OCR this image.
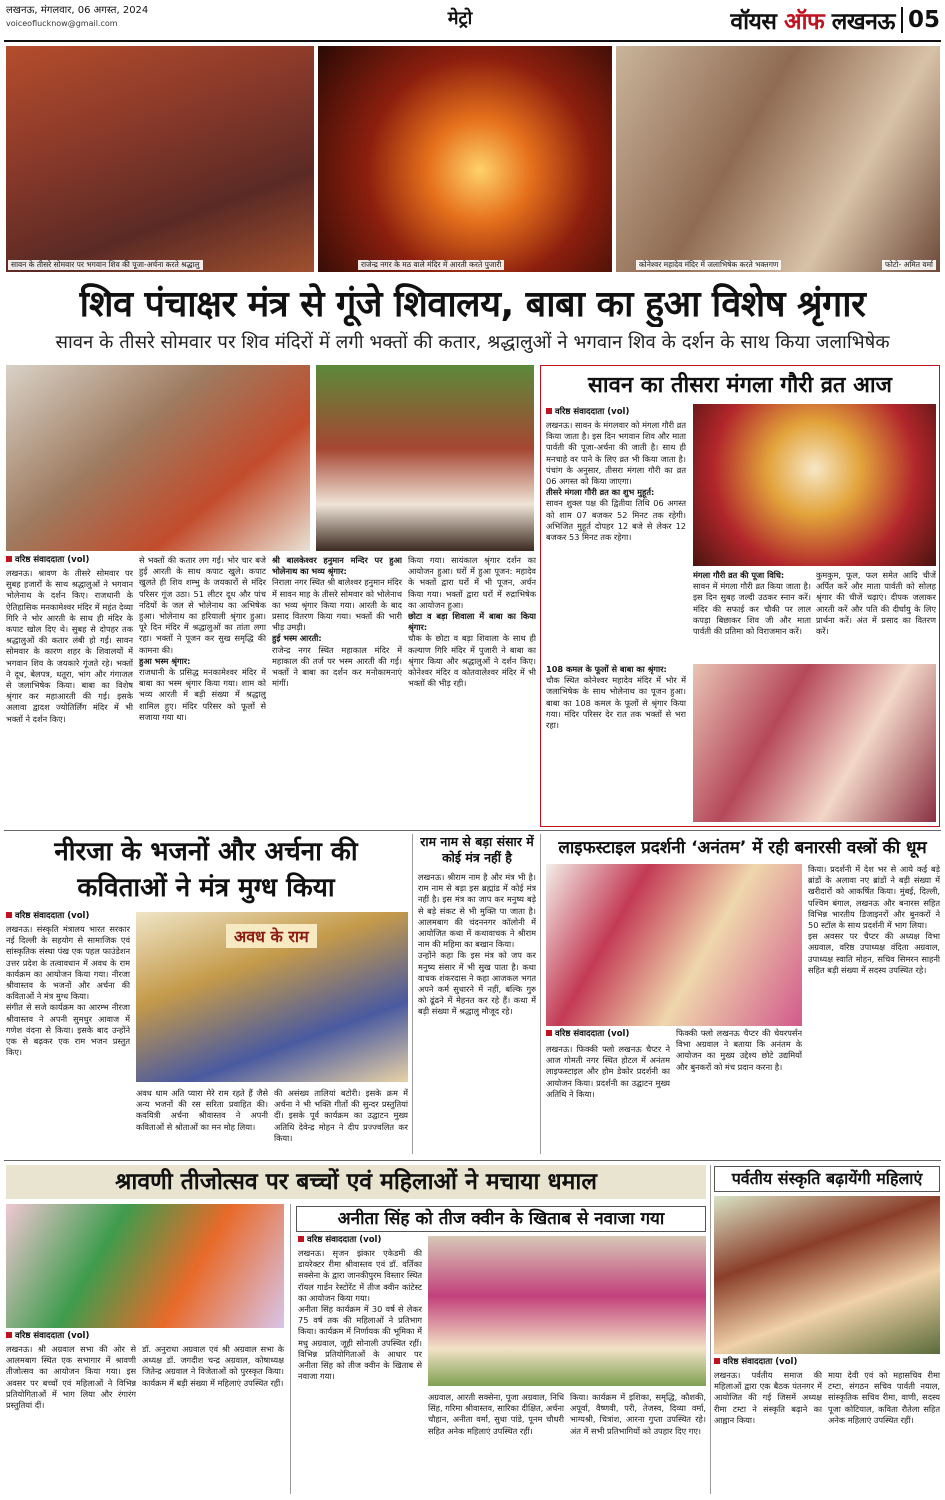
लखनऊ, मंगलवार, 06 अगस्त, 2024
voiceoflucknow@gmail.com	मेट्रो	वॉयस ऑफ लखनऊ 05
सावन के तीसरे सोमवार पर भगवान शिव की पूजा-अर्चना करते श्रद्धालु	राजेन्द्र नगर के मठ वाले मंदिर में आरती करते पुजारी	कोनेश्वर महादेव मंदिर में जलाभिषेक करते भक्तगण	फोटो- अमित वर्मा
शिव पंचाक्षर मंत्र से गूंजे शिवालय, बाबा का हुआ विशेष श्रृंगार
सावन के तीसरे सोमवार पर शिव मंदिरों में लगी भक्तों की कतार, श्रद्धालुओं ने भगवान शिव के दर्शन के साथ किया जलाभिषेक
वरिष्ठ संवाददाता (vol)
लखनऊ। श्रावण के तीसरे सोमवार पर सुबह हजारों के साथ श्रद्धालुओं ने भगवान भोलेनाथ के दर्शन किए। राजधानी के ऐतिहासिक मनकामेश्वर मंदिर में महंत देव्या गिरि ने भोर आरती के साथ ही मंदिर के कपाट खोल दिए थे। सुबह से दोपहर तक श्रद्धालुओं की कतार लंबी हो गई। सावन सोमवार के कारण शहर के शिवालयों में भगवान शिव के जयकारे गूंजते रहे। भक्तों ने दूध, बेलपत्र, धतूरा, भांग और गंगाजल से जलाभिषेक किया। बाबा का विशेष श्रृंगार कर महाआरती की गई। इसके अलावा द्वादश ज्योतिर्लिंग मंदिर में भी भक्तों ने दर्शन किए।
से भक्तों की कतार लग गई। भोर चार बजे हुई आरती के साथ कपाट खुले। कपाट खुलते ही शिव शम्भु के जयकारों से मंदिर परिसर गूंज उठा। 51 लीटर दूध और पांच नदियों के जल से भोलेनाथ का अभिषेक हुआ। भोलेनाथ का हरियाली श्रृंगार हुआ। पूरे दिन मंदिर में श्रद्धालुओं का तांता लगा रहा। भक्तों ने पूजन कर सुख समृद्धि की कामना की।
हुआ भस्म श्रृंगार:
राजधानी के प्रसिद्ध मनकामेश्वर मंदिर में बाबा का भस्म श्रृंगार किया गया। शाम को भव्य आरती में बड़ी संख्या में श्रद्धालु शामिल हुए। मंदिर परिसर को फूलों से सजाया गया था।
श्री बालकेश्वर हनुमान मन्दिर पर हुआ भोलेनाथ का भव्य श्रृंगार:
निराला नगर स्थित श्री बालेश्वर हनुमान मंदिर में सावन माह के तीसरे सोमवार को भोलेनाथ का भव्य श्रृंगार किया गया। आरती के बाद प्रसाद वितरण किया गया। भक्तों की भारी भीड़ उमड़ी।
हुई भस्म आरती:
राजेन्द्र नगर स्थित महाकाल मंदिर में महाकाल की तर्ज पर भस्म आरती की गई। भक्तों ने बाबा का दर्शन कर मनोकामनाएं मांगीं।
किया गया। सायंकाल श्रृंगार दर्शन का आयोजन हुआ। घरों में हुआ पूजन: महादेव के भक्तों द्वारा घरों में भी पूजन, अर्चन किया गया। भक्तों द्वारा घरों में रुद्राभिषेक का आयोजन हुआ।
छोटा व बड़ा शिवाला में बाबा का किया श्रृंगार:
चौक के छोटा व बड़ा शिवाला के साथ ही कल्याण गिरि मंदिर में पुजारी ने बाबा का श्रृंगार किया और श्रद्धालुओं ने दर्शन किए। कोनेश्वर मंदिर व कोतवालेश्वर मंदिर में भी भक्तों की भीड़ रही।
सावन का तीसरा मंगला गौरी व्रत आज
वरिष्ठ संवाददाता (vol)
लखनऊ। सावन के मंगलवार को मंगला गौरी व्रत किया जाता है। इस दिन भगवान शिव और माता पार्वती की पूजा-अर्चना की जाती है। साथ ही मनचाहे वर पाने के लिए व्रत भी किया जाता है। पंचांग के अनुसार, तीसरा मंगला गौरी का व्रत 06 अगस्त को किया जाएगा।
तीसरे मंगला गौरी व्रत का शुभ मुहूर्त:
सावन शुक्ल पक्ष की द्वितीया तिथि 06 अगस्त को शाम 07 बजकर 52 मिनट तक रहेगी। अभिजित मुहूर्त दोपहर 12 बजे से लेकर 12 बजकर 53 मिनट तक रहेगा।
मंगला गौरी व्रत की पूजा विधि:
सावन में मंगला गौरी व्रत किया जाता है। इस दिन सुबह जल्दी उठकर स्नान करें। मंदिर की सफाई कर चौकी पर लाल कपड़ा बिछाकर शिव जी और माता पार्वती की प्रतिमा को विराजमान करें।
कुमकुम, फूल, फल समेत आदि चीजें अर्पित करें और माता पार्वती को सोलह श्रृंगार की चीजें चढ़ाएं। दीपक जलाकर आरती करें और पति की दीर्घायु के लिए प्रार्थना करें। अंत में प्रसाद का वितरण करें।
108 कमल के फूलों से बाबा का श्रृंगार:
चौक स्थित कोनेश्वर महादेव मंदिर में भोर में जलाभिषेक के साथ भोलेनाथ का पूजन हुआ। बाबा का 108 कमल के फूलों से श्रृंगार किया गया। मंदिर परिसर देर रात तक भक्तों से भरा रहा।
नीरजा के भजनों और अर्चना की कविताओं ने मंत्र मुग्ध किया
वरिष्ठ संवाददाता (vol)
लखनऊ। संस्कृति मंत्रालय भारत सरकार नई दिल्ली के सहयोग से सामाजिक एवं सांस्कृतिक संस्था पंख एक पहल फाउंडेशन उत्तर प्रदेश के तत्वावधान में अवध के राम कार्यक्रम का आयोजन किया गया। नीरजा श्रीवास्तव के भजनों और अर्चना की कविताओं ने मंत्र मुग्ध किया।
संगीत से सजे कार्यक्रम का आरम्भ नीरजा श्रीवास्तव ने अपनी सुमधुर आवाज में गणेश वंदना से किया। इसके बाद उन्होंने एक से बढ़कर एक राम भजन प्रस्तुत किए।
अवध के राम
अवध धाम अति प्यारा मेरे राम रहते हैं जैसे अन्य भजनों की रस सरिता प्रवाहित की। कवयित्री अर्चना श्रीवास्तव ने अपनी कविताओं से श्रोताओं का मन मोह लिया।
की असंख्य तालियां बटोरी। इसके क्रम में अर्चना ने भी भक्ति गीतों की सुन्दर प्रस्तुतियां दीं। इसके पूर्व कार्यक्रम का उद्घाटन मुख्य अतिथि देवेन्द्र मोहन ने दीप प्रज्ज्वलित कर किया।
राम नाम से बड़ा संसार में कोई मंत्र नहीं है
लखनऊ। श्रीराम नाम है और मंत्र भी है। राम नाम से बड़ा इस ब्रह्मांड में कोई मंत्र नहीं है। इस मंत्र का जाप कर मनुष्य बड़े से बड़े संकट से भी मुक्ति पा जाता है। आलमबाग की चंदननगर कॉलोनी में आयोजित कथा में कथावाचक ने श्रीराम नाम की महिमा का बखान किया।
उन्होंने कहा कि इस मंत्र को जप कर मनुष्य संसार में भी सुख पाता है। कथा वाचक शंकरदास ने कहा आजकल भगत अपने कर्म सुधारने में नहीं, बल्कि गुरु को ढूंढने में मेहनत कर रहे हैं। कथा में बड़ी संख्या में श्रद्धालु मौजूद रहे।
लाइफस्टाइल प्रदर्शनी ‘अनंतम’ में रही बनारसी वस्त्रों की धूम
वरिष्ठ संवाददाता (vol)
लखनऊ। फिक्की फ्लो लखनऊ चैप्टर ने आज गोमती नगर स्थित होटल में अनंतम लाइफस्टाइल और होम डेकोर प्रदर्शनी का आयोजन किया। प्रदर्शनी का उद्घाटन मुख्य अतिथि ने किया।
फिक्की फ्लो लखनऊ चैप्टर की चेयरपर्सन विभा अग्रवाल ने बताया कि अनंतम के आयोजन का मुख्य उद्देश्य छोटे उद्यमियों और बुनकरों को मंच प्रदान करना है।
किया। प्रदर्शनी में देश भर से आये कई बड़े ब्रांडों के अलावा नए ब्रांडों ने बड़ी संख्या में खरीदारों को आकर्षित किया। मुंबई, दिल्ली, पश्चिम बंगाल, लखनऊ और बनारस सहित विभिन्न भारतीय डिजाइनरों और बुनकरों ने 50 स्टॉल के साथ प्रदर्शनी में भाग लिया।
इस अवसर पर चैप्टर की अध्यक्ष विभा अग्रवाल, वरिष्ठ उपाध्यक्ष वंदिता अग्रवाल, उपाध्यक्ष स्वाति मोहन, सचिव सिमरन साहनी सहित बड़ी संख्या में सदस्य उपस्थित रहे।
श्रावणी तीजोत्सव पर बच्चों एवं महिलाओं ने मचाया धमाल
वरिष्ठ संवाददाता (vol)
लखनऊ। श्री अग्रवाल सभा की ओर से आलमबाग स्थित एक सभागार में श्रावणी तीजोत्सव का आयोजन किया गया। इस अवसर पर बच्चों एवं महिलाओं ने विभिन्न प्रतियोगिताओं में भाग लिया और रंगारंग प्रस्तुतियां दीं।
डॉ. अनुराधा अग्रवाल एवं श्री अग्रवाल सभा के अध्यक्ष डॉ. जगदीश चन्द्र अग्रवाल, कोषाध्यक्ष जितेन्द्र अग्रवाल ने विजेताओं को पुरस्कृत किया। कार्यक्रम में बड़ी संख्या में महिलाएं उपस्थित रहीं।
अनीता सिंह को तीज क्वीन के खिताब से नवाजा गया
वरिष्ठ संवाददाता (vol)
लखनऊ। सृजन झंकार एकेडमी की डायरेक्टर रीमा श्रीवास्तव एवं डॉ. वर्तिका सक्सेना के द्वारा जानकीपुरम विस्तार स्थित रॉयल गार्डन रेस्टोरेंट में तीज क्वीन कांटेस्ट का आयोजन किया गया।
अनीता सिंह कार्यक्रम में 30 वर्ष से लेकर 75 वर्ष तक की महिलाओं ने प्रतिभाग किया। कार्यक्रम में निर्णायक की भूमिका में मधु अग्रवाल, जूही सोनाली उपस्थित रहीं। विभिन्न प्रतियोगिताओं के आधार पर अनीता सिंह को तीज क्वीन के खिताब से नवाजा गया।
अग्रवाल, आरती सक्सेना, पूजा अग्रवाल, निधि सिंह, गरिमा श्रीवास्तव, सारिका दीक्षित, अर्चना चौहान, अनीता वर्मा, सुधा पांडे, पूनम चौधरी सहित अनेक महिलाएं उपस्थित रहीं।
किया। कार्यक्रम में इशिका, समृद्धि, कौशकी, अपूर्वा, वैष्णवी, परी, तेजस्व, दिव्या वर्मा, भाग्यश्री, चित्रांश, आरना गुप्ता उपस्थित रहे। अंत में सभी प्रतिभागियों को उपहार दिए गए।
पर्वतीय संस्कृति बढ़ायेंगी महिलाएं
वरिष्ठ संवाददाता (vol)
लखनऊ। पर्वतीय समाज की महिलाओं द्वारा एक बैठक पंतनगर में आयोजित की गई जिसमें अध्यक्ष रीमा टम्टा ने संस्कृति बढ़ाने का आह्वान किया।
माया देवी एवं को महासचिव रीमा टम्टा, संगठन सचिव पार्वती नयाल, सांस्कृतिक सचिव रीमा, वाणी, सदस्य पूजा कोटियाल, कविता रौतेला सहित अनेक महिलाएं उपस्थित रहीं।
